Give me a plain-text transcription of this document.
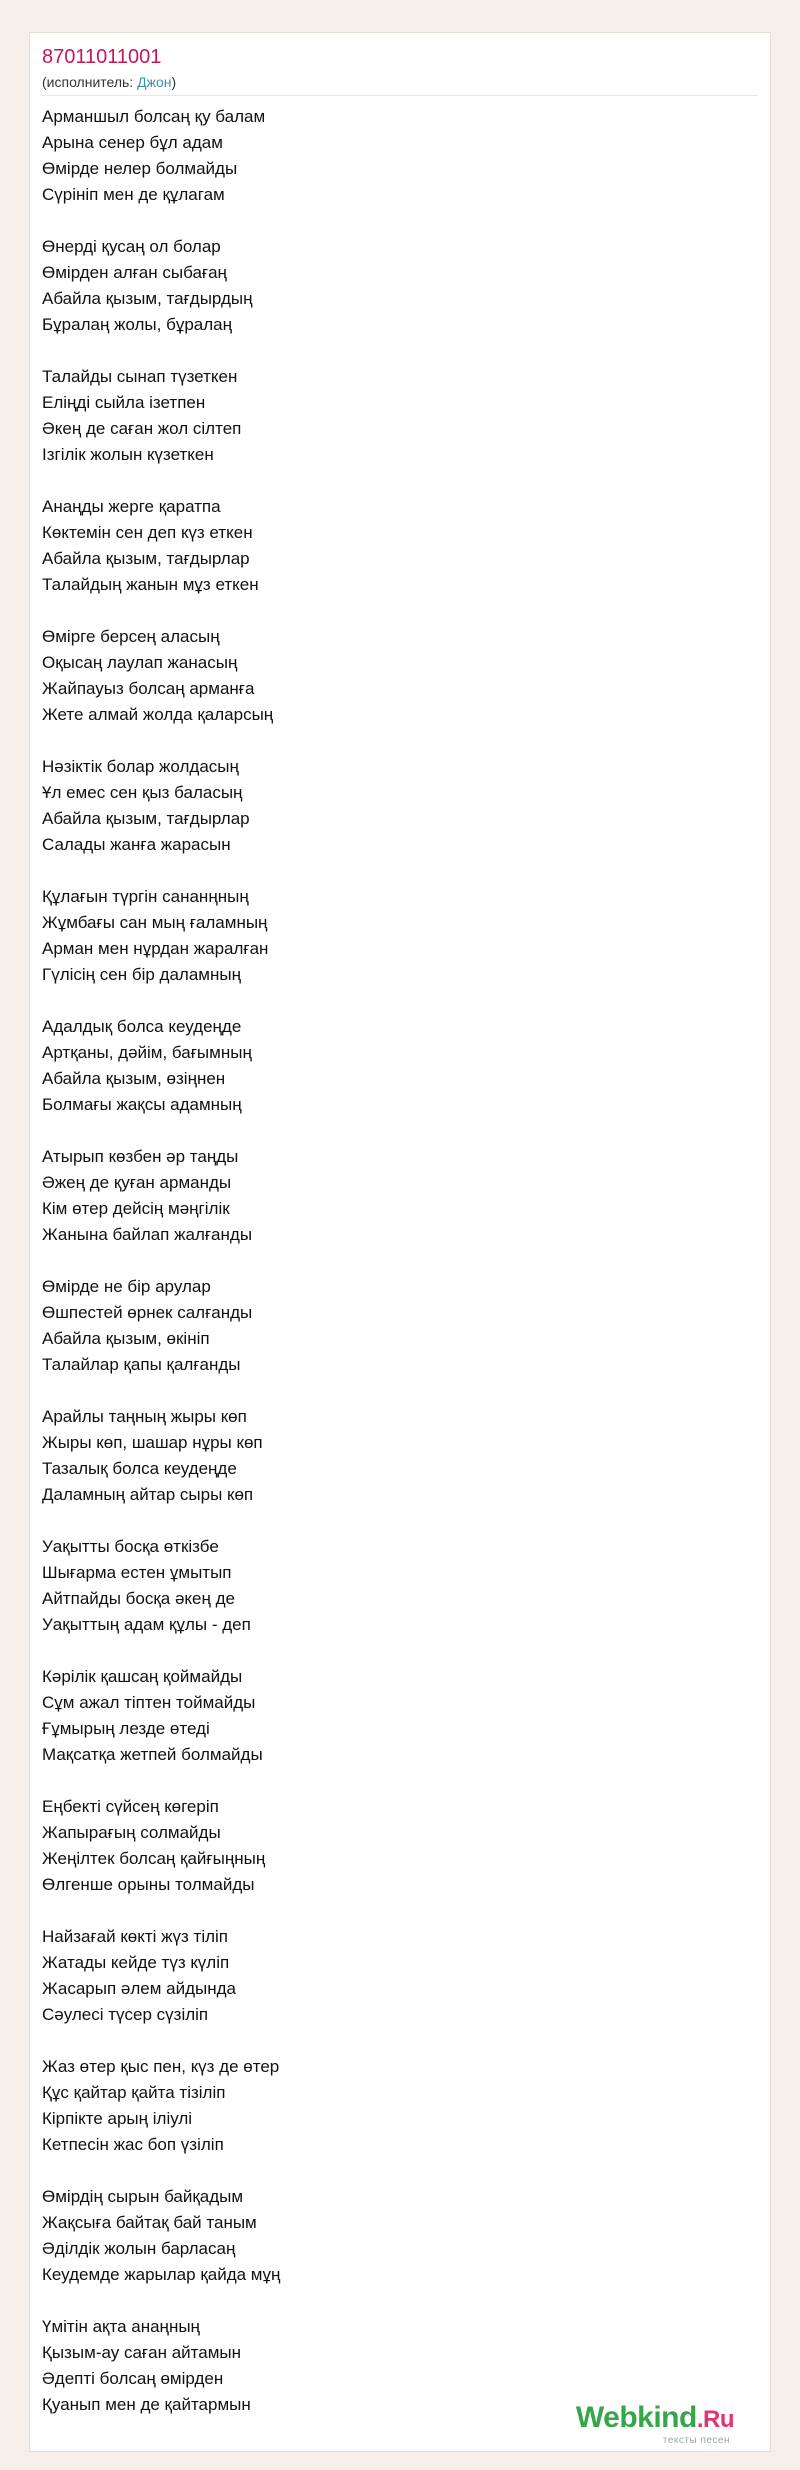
87011011001
(исполнитель: Джон)
Арманшыл болсаң қу балам
Арына сенер бұл адам
Өмірде нелер болмайды
Сүрініп мен де құлагам
Өнерді қусаң ол болар
Өмірден алған сыбағаң
Абайла қызым, тағдырдың
Бұралаң жолы, бұралаң
Талайды сынап түзеткен
Еліңді сыйла ізетпен
Әкең де саған жол сілтеп
Ізгілік жолын күзеткен
Анаңды жерге қаратпа
Көктемін сен деп күз еткен
Абайла қызым, тағдырлар
Талайдың жанын мұз еткен
Өмірге берсең аласың
Оқысаң лаулап жанасың
Жайпауыз болсаң арманға
Жете алмай жолда қаларсың
Нәзіктік болар жолдасың
Ұл емес сен қыз баласың
Абайла қызым, тағдырлар
Салады жанға жарасын
Құлағын түргін сананңның
Жұмбағы сан мың ғаламның
Арман мен нұрдан жаралған
Гүлісің сен бір даламның
Адалдық болса кеудеңде
Артқаны, дәйім, бағымның
Абайла қызым, өзіңнен
Болмағы жақсы адамның
Атырып көзбен әр таңды
Әжең де қуған арманды
Кім өтер дейсің мәңгілік
Жанына байлап жалғанды
Өмірде не бір арулар
Өшпестей өрнек салғанды
Абайла қызым, өкініп
Талайлар қапы қалғанды
Арайлы таңның жыры көп
Жыры көп, шашар нұры көп
Тазалық болса кеудеңде
Даламның айтар сыры көп
Уақытты босқа өткізбе
Шығарма естен ұмытып
Айтпайды босқа әкең де
Уақыттың адам құлы - деп
Кәрілік қашсаң қоймайды
Сұм ажал тіптен тоймайды
Ғұмырың лезде өтеді
Мақсатқа жетпей болмайды
Еңбекті сүйсең көгеріп
Жапырағың солмайды
Жеңілтек болсаң қайғыңның
Өлгенше орыны толмайды
Найзағай көкті жүз тіліп
Жатады кейде түз күліп
Жасарып әлем айдында
Сәулесі түсер сүзіліп
Жаз өтер қыс пен, күз де өтер
Құс қайтар қайта тізіліп
Кірпікте арың іліулі
Кетпесін жас боп үзіліп
Өмірдің сырын байқадым
Жақсыға байтақ бай таным
Әділдік жолын барласаң
Кеудемде жарылар қайда мұң
Үмітін ақта анаңның
Қызым-ау саған айтамын
Әдепті болсаң өмірден
Қуанып мен де қайтармын	Webkind.Ru
тексты песен
